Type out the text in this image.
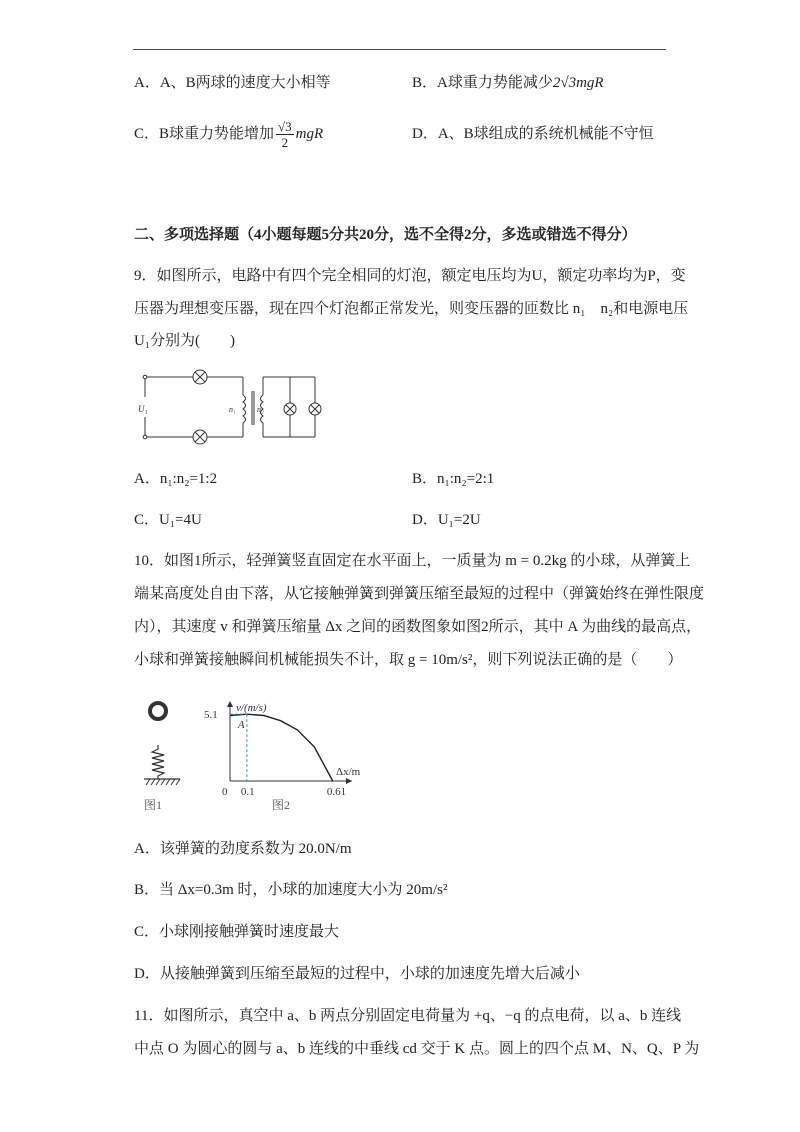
A．A、B两球的速度大小相等	B．A球重力势能减少2√3mgR
C．B球重力势能增加 $\frac{√3}{2}$ mgR	D．A、B球组成的系统机械能不守恒
二、多项选择题（4小题每题5分共20分，选不全得2分，多选或错选不得分）
9．如图所示，电路中有四个完全相同的灯泡，额定电压均为U，额定功率均为P，变
压器为理想变压器，现在四个灯泡都正常发光，则变压器的匝数比 n₁　n₂和电源电压
U₁分别为(　　)
U₁	n₁	n₂
A．n₁:n₂=1:2	B．n₁:n₂=2:1
C．U₁=4U	D．U₁=2U
10．如图1所示，轻弹簧竖直固定在水平面上，一质量为 m = 0.2kg 的小球，从弹簧上
端某高度处自由下落，从它接触弹簧到弹簧压缩至最短的过程中（弹簧始终在弹性限度
内），其速度 v 和弹簧压缩量 Δx 之间的函数图象如图2所示，其中 A 为曲线的最高点，
小球和弹簧接触瞬间机械能损失不计，取 g = 10m/s²，则下列说法正确的是（　　）
图1
v/(m/s)
Δx/m
A
5.1
0 0.1	0.61
图2
A．该弹簧的劲度系数为 20.0N/m
B．当 Δx=0.3m 时，小球的加速度大小为 20m/s²
C．小球刚接触弹簧时速度最大
D．从接触弹簧到压缩至最短的过程中，小球的加速度先增大后减小
11．如图所示，真空中 a、b 两点分别固定电荷量为 +q、−q 的点电荷，以 a、b 连线
中点 O 为圆心的圆与 a、b 连线的中垂线 cd 交于 K 点。圆上的四个点 M、N、Q、P 为
